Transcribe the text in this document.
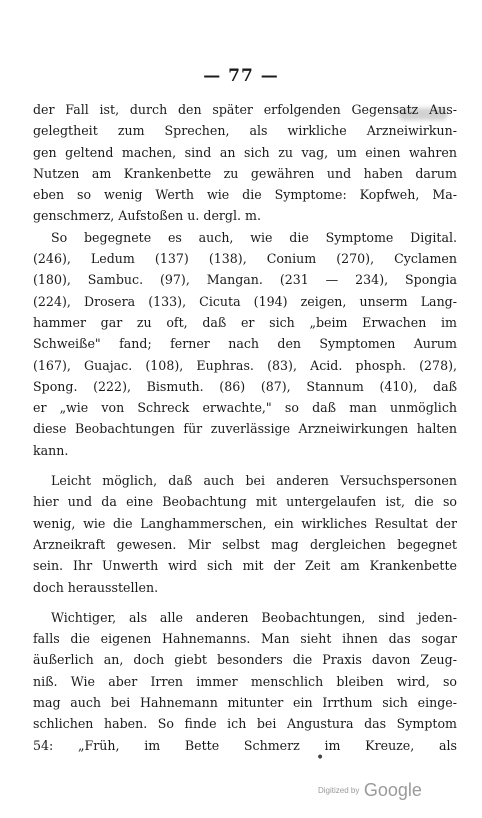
— 77 —
der Fall ist, durch den später erfolgenden Gegensatz Aus-
gelegtheit zum Sprechen, als wirkliche Arzneiwirkun-
gen geltend machen, sind an sich zu vag, um einen wahren
Nutzen am Krankenbette zu gewähren und haben darum
eben so wenig Werth wie die Symptome: Kopfweh, Ma-
genschmerz, Aufstoßen u. dergl. m.
So begegnete es auch, wie die Symptome Digital.
(246), Ledum (137) (138), Conium (270), Cyclamen
(180), Sambuc. (97), Mangan. (231 — 234), Spongia
(224), Drosera (133), Cicuta (194) zeigen, unserm Lang-
hammer gar zu oft, daß er sich „beim Erwachen im
Schweiße" fand; ferner nach den Symptomen Aurum
(167), Guajac. (108), Euphras. (83), Acid. phosph. (278),
Spong. (222), Bismuth. (86) (87), Stannum (410), daß
er „wie von Schreck erwachte," so daß man unmöglich
diese Beobachtungen für zuverlässige Arzneiwirkungen halten
kann.
Leicht möglich, daß auch bei anderen Versuchspersonen
hier und da eine Beobachtung mit untergelaufen ist, die so
wenig, wie die Langhammerschen, ein wirkliches Resultat der
Arzneikraft gewesen. Mir selbst mag dergleichen begegnet
sein. Ihr Unwerth wird sich mit der Zeit am Krankenbette
doch herausstellen.
Wichtiger, als alle anderen Beobachtungen, sind jeden-
falls die eigenen Hahnemanns. Man sieht ihnen das sogar
äußerlich an, doch giebt besonders die Praxis davon Zeug-
niß. Wie aber Irren immer menschlich bleiben wird, so
mag auch bei Hahnemann mitunter ein Irrthum sich einge-
schlichen haben. So finde ich bei Angustura das Symptom
54: „Früh, im Bette Schmerz im Kreuze, als
•
Digitized by Google
